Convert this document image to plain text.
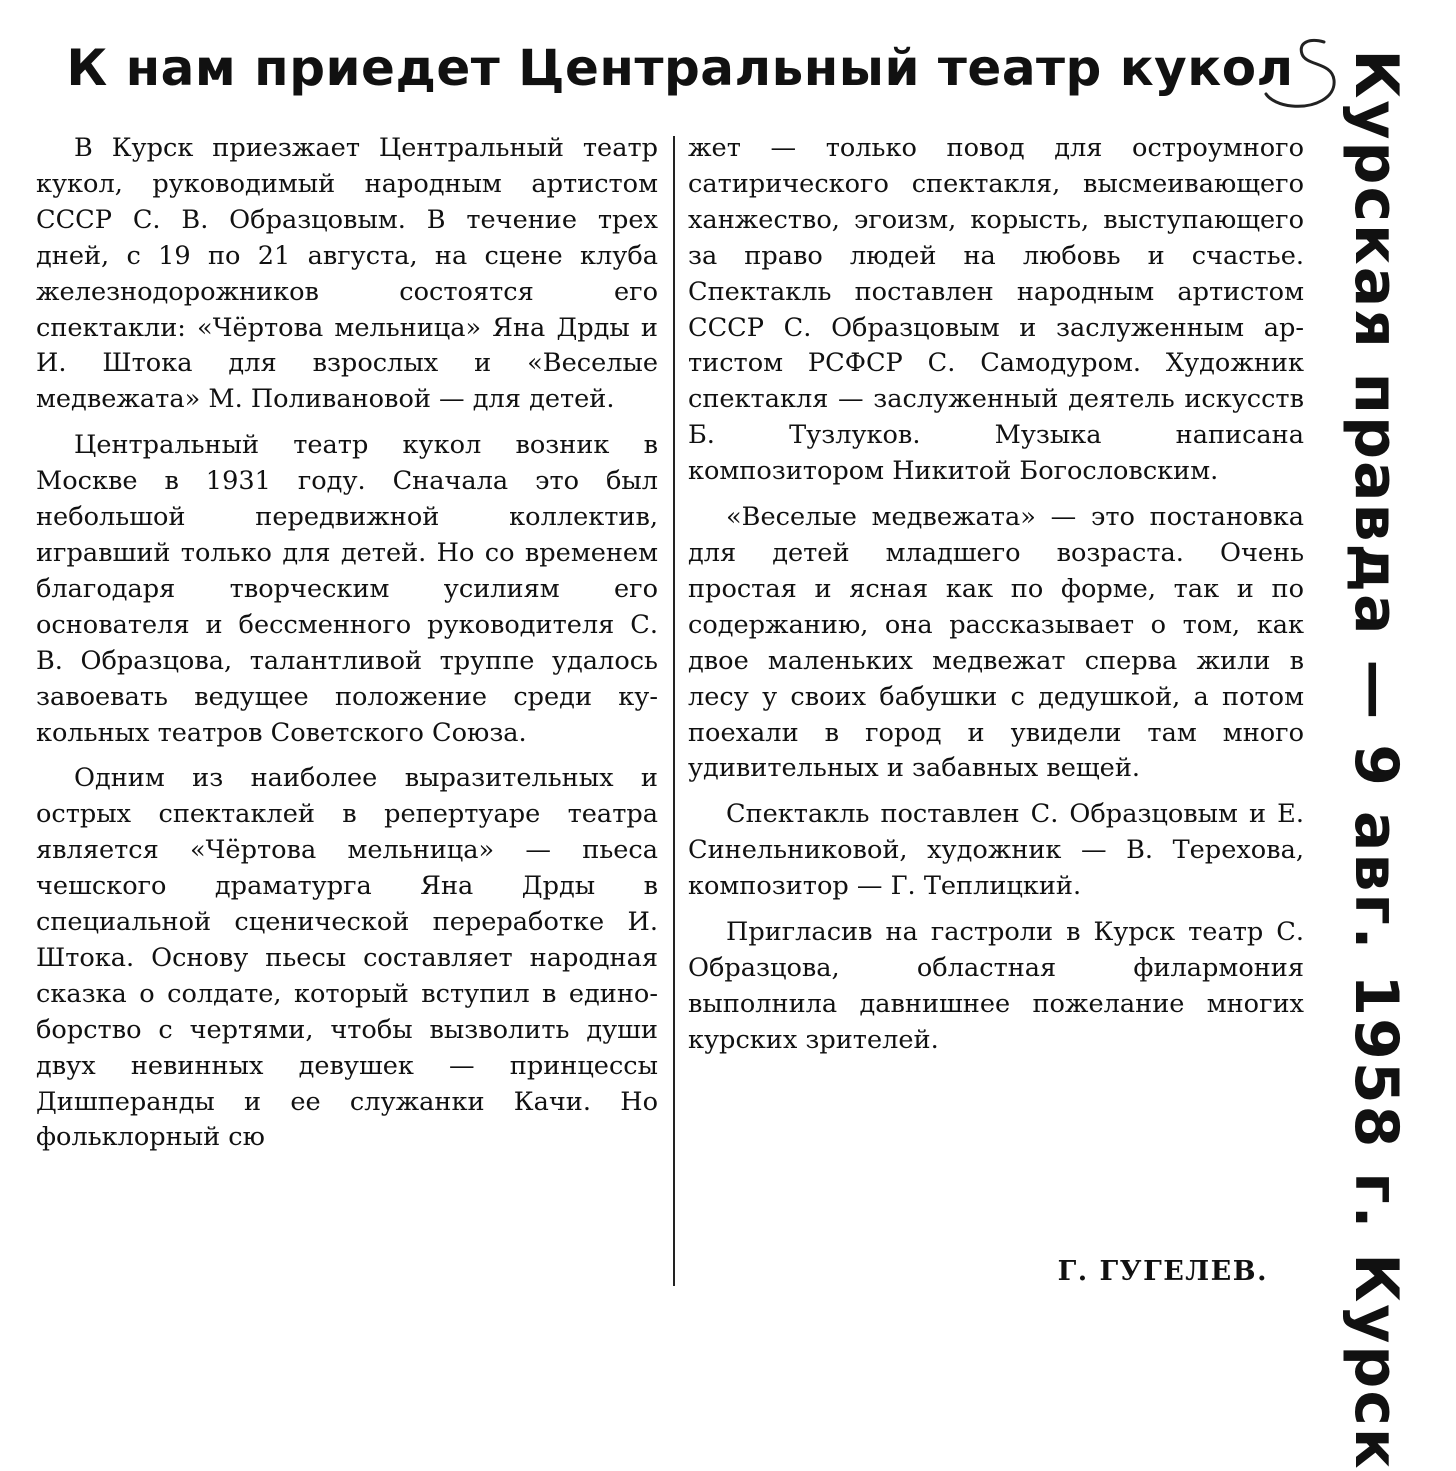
К нам приедет Центральный театр кукол

В Курск приезжает Центральный театр кукол, руководимый народным артистом СССР С. В. Образцовым. В течение трех дней, с 19 по 21 августа, на сцене клуба железнодорожников состоятся его спектакли: «Чёртова мельница» Яна Дрды и И. Штока для взрослых и «Веселые медвежата» М. Поливановой — для детей.

Центральный театр кукол возник в Москве в 1931 году. Сначала это был небольшой передвижной коллектив, игравший только для детей. Но со временем благодаря творческим усилиям его основателя и бессменного руководителя С. В. Образцова, талантливой труппе удалось завоевать ведущее положение среди кукольных театров Советского Союза.

Одним из наиболее выразительных и острых спектаклей в репертуаре театра является «Чёртова мельница» — пьеса чешского драматурга Яна Дрды в специальной сценической переработке И. Штока. Основу пьесы составляет народная сказка о солдате, который вступил в единоборство с чертями, чтобы вызволить души двух невинных девушек — принцессы Дишперанды и ее служанки Качи. Но фольклорный сю

жет — только повод для остроумного сатирического спектакля, высмеивающего ханжество, эгоизм, корысть, выступающего за право людей на любовь и счастье. Спектакль поставлен народным артистом СССР С. Образцовым и заслуженным артистом РСФСР С. Самодуром. Художник спектакля — заслуженный деятель искусств Б. Тузлуков. Музыка написана композитором Никитой Богословским.

«Веселые медвежата» — это постановка для детей младшего возраста. Очень простая и ясная как по форме, так и по содержанию, она рассказывает о том, как двое маленьких медвежат сперва жили в лесу у своих бабушки с дедушкой, а потом поехали в город и увидели там много удивительных и забавных вещей.

Спектакль поставлен С. Образцовым и Е. Синельниковой, художник — В. Терехова, композитор — Г. Теплицкий.

Пригласив на гастроли в Курск театр С. Образцова, областная филармония выполнила давнишнее пожелание многих курских зрителей.

Г. ГУГЕЛЕВ. Курская правда — 9 авг. 1958 г. Курск
